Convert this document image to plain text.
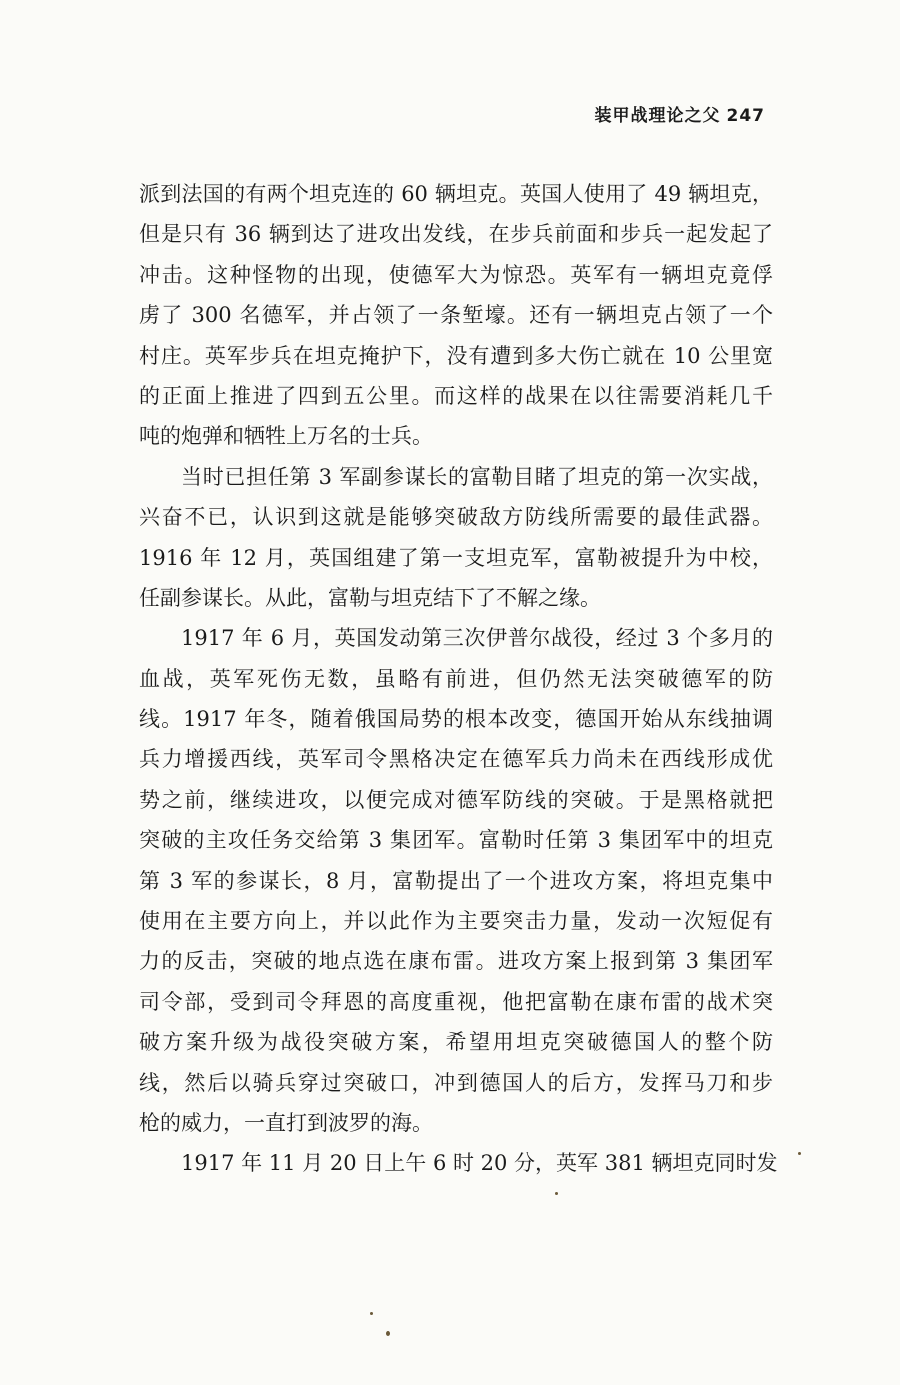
装甲战理论之父 247
派到法国的有两个坦克连的 60 辆坦克。英国人使用了 49 辆坦克，
但是只有 36 辆到达了进攻出发线，在步兵前面和步兵一起发起了
冲击。这种怪物的出现，使德军大为惊恐。英军有一辆坦克竟俘
虏了 300 名德军，并占领了一条堑壕。还有一辆坦克占领了一个
村庄。英军步兵在坦克掩护下，没有遭到多大伤亡就在 10 公里宽
的正面上推进了四到五公里。而这样的战果在以往需要消耗几千
吨的炮弹和牺牲上万名的士兵。
当时已担任第 3 军副参谋长的富勒目睹了坦克的第一次实战，
兴奋不已，认识到这就是能够突破敌方防线所需要的最佳武器。
1916 年 12 月，英国组建了第一支坦克军，富勒被提升为中校，
任副参谋长。从此，富勒与坦克结下了不解之缘。
1917 年 6 月，英国发动第三次伊普尔战役，经过 3 个多月的
血战，英军死伤无数，虽略有前进，但仍然无法突破德军的防
线。1917 年冬，随着俄国局势的根本改变，德国开始从东线抽调
兵力增援西线，英军司令黑格决定在德军兵力尚未在西线形成优
势之前，继续进攻，以便完成对德军防线的突破。于是黑格就把
突破的主攻任务交给第 3 集团军。富勒时任第 3 集团军中的坦克
第 3 军的参谋长，8 月，富勒提出了一个进攻方案，将坦克集中
使用在主要方向上，并以此作为主要突击力量，发动一次短促有
力的反击，突破的地点选在康布雷。进攻方案上报到第 3 集团军
司令部，受到司令拜恩的高度重视，他把富勒在康布雷的战术突
破方案升级为战役突破方案，希望用坦克突破德国人的整个防
线，然后以骑兵穿过突破口，冲到德国人的后方，发挥马刀和步
枪的威力，一直打到波罗的海。
1917 年 11 月 20 日上午 6 时 20 分，英军 381 辆坦克同时发
